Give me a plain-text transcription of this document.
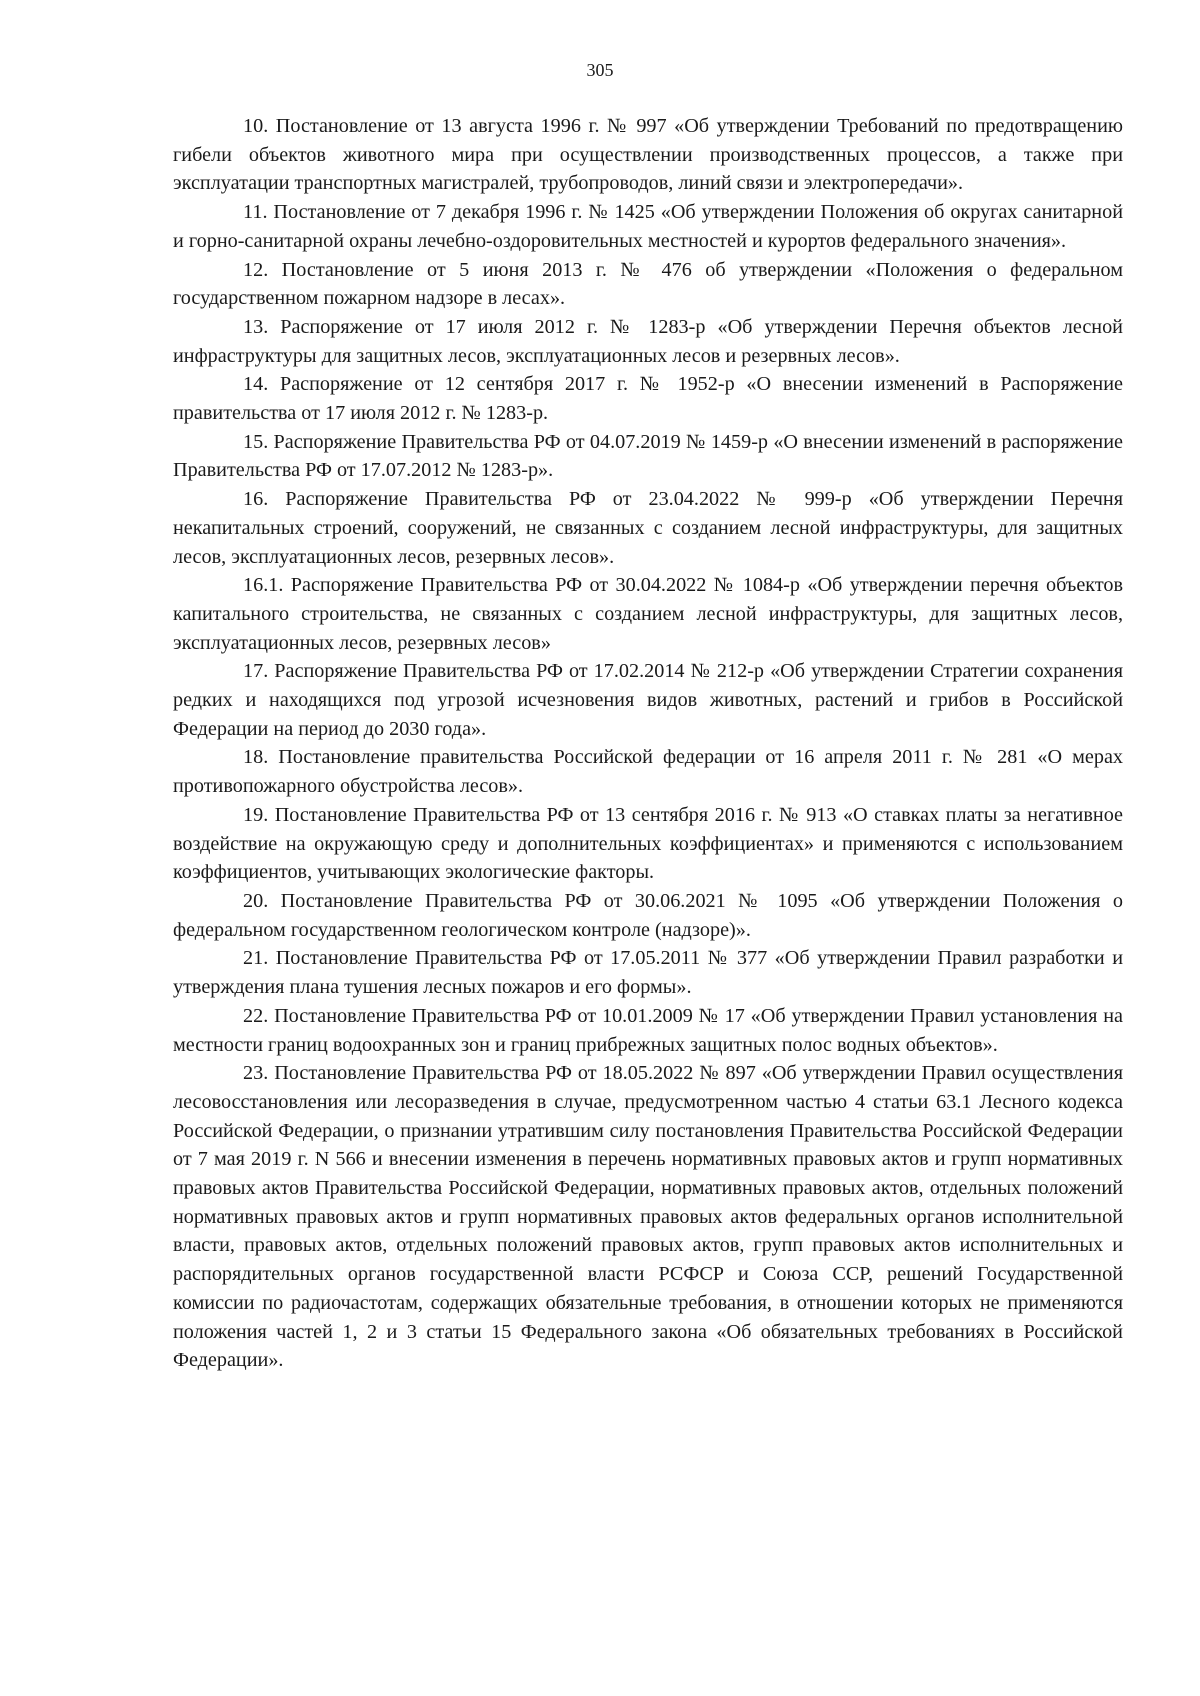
305

10. Постановление от 13 августа 1996 г. № 997 «Об утверждении Требований по предотвращению гибели объектов животного мира при осуществлении производственных процессов, а также при эксплуатации транспортных магистралей, трубопроводов, линий связи и электропередачи».

11. Постановление от 7 декабря 1996 г. № 1425 «Об утверждении Положения об округах санитарной и горно-санитарной охраны лечебно-оздоровительных местностей и курортов федерального значения».

12. Постановление от 5 июня 2013 г. № 476 об утверждении «Положения о федеральном государственном пожарном надзоре в лесах».

13. Распоряжение от 17 июля 2012 г. № 1283-р «Об утверждении Перечня объектов лесной инфраструктуры для защитных лесов, эксплуатационных лесов и резервных лесов».

14. Распоряжение от 12 сентября 2017 г. № 1952-р «О внесении изменений в Распоряжение правительства от 17 июля 2012 г. № 1283-р.

15. Распоряжение Правительства РФ от 04.07.2019 № 1459-р «О внесении изменений в распоряжение Правительства РФ от 17.07.2012 № 1283-р».

16. Распоряжение Правительства РФ от 23.04.2022 № 999-р «Об утверждении Перечня некапитальных строений, сооружений, не связанных с созданием лесной инфраструктуры, для защитных лесов, эксплуатационных лесов, резервных лесов».

16.1. Распоряжение Правительства РФ от 30.04.2022 № 1084-р «Об утверждении перечня объектов капитального строительства, не связанных с созданием лесной инфраструктуры, для защитных лесов, эксплуатационных лесов, резервных лесов»

17. Распоряжение Правительства РФ от 17.02.2014 № 212-р «Об утверждении Стратегии сохранения редких и находящихся под угрозой исчезновения видов животных, растений и грибов в Российской Федерации на период до 2030 года».

18. Постановление правительства Российской федерации от 16 апреля 2011 г. № 281 «О мерах противопожарного обустройства лесов».

19. Постановление Правительства РФ от 13 сентября 2016 г. № 913 «О ставках платы за негативное воздействие на окружающую среду и дополнительных коэффициентах» и применяются с использованием коэффициентов, учитывающих экологические факторы.

20. Постановление Правительства РФ от 30.06.2021 № 1095 «Об утверждении Положения о федеральном государственном геологическом контроле (надзоре)».

21. Постановление Правительства РФ от 17.05.2011 № 377 «Об утверждении Правил разработки и утверждения плана тушения лесных пожаров и его формы».

22. Постановление Правительства РФ от 10.01.2009 № 17 «Об утверждении Правил установления на местности границ водоохранных зон и границ прибрежных защитных полос водных объектов».

23. Постановление Правительства РФ от 18.05.2022 № 897 «Об утверждении Правил осуществления лесовосстановления или лесоразведения в случае, предусмотренном частью 4 статьи 63.1 Лесного кодекса Российской Федерации, о признании утратившим силу постановления Правительства Российской Федерации от 7 мая 2019 г. N 566 и внесении изменения в перечень нормативных правовых актов и групп нормативных правовых актов Правительства Российской Федерации, нормативных правовых актов, отдельных положений нормативных правовых актов и групп нормативных правовых актов федеральных органов исполнительной власти, правовых актов, отдельных положений правовых актов, групп правовых актов исполнительных и распорядительных органов государственной власти РСФСР и Союза ССР, решений Государственной комиссии по радиочастотам, содержащих обязательные требования, в отношении которых не применяются положения частей 1, 2 и 3 статьи 15 Федерального закона «Об обязательных требованиях в Российской Федерации».
